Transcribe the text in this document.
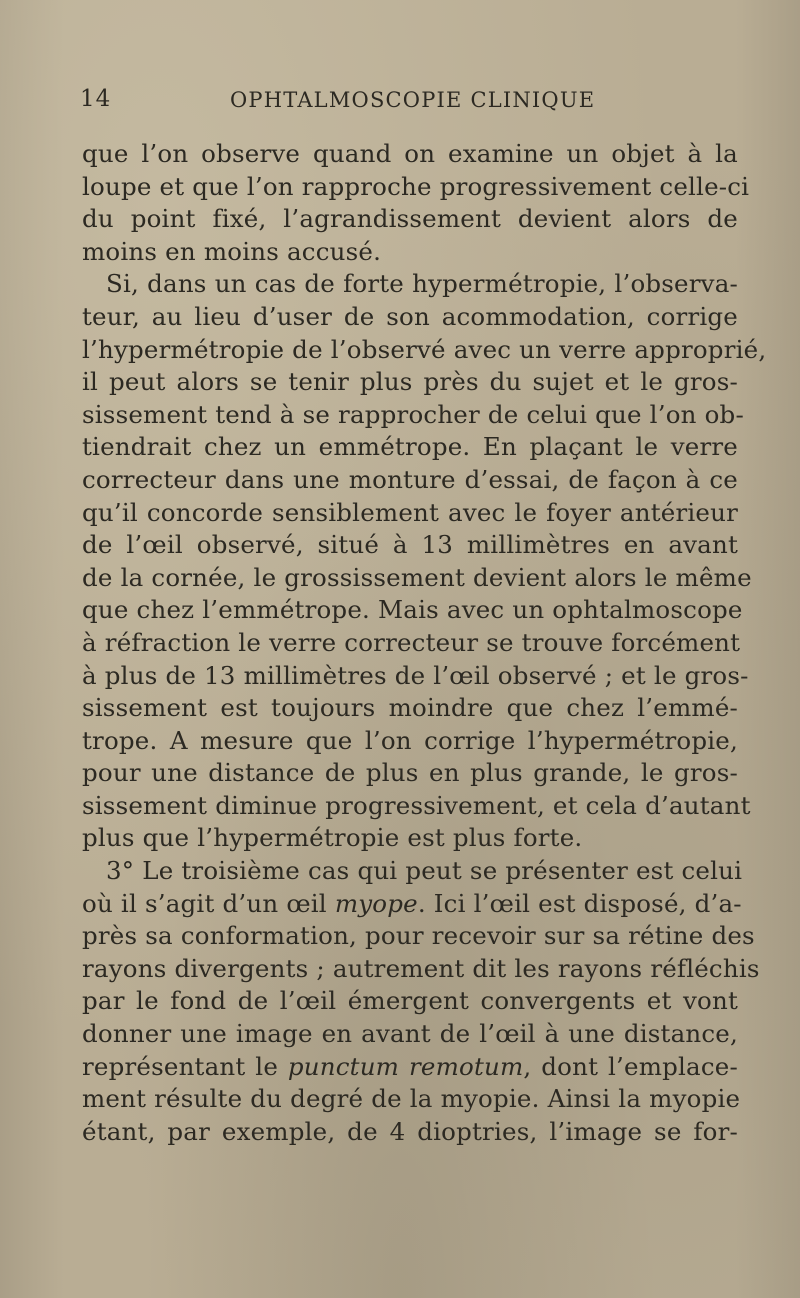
14	OPHTALMOSCOPIE CLINIQUE
que l’on observe quand on examine un objet à la
loupe et que l’on rapproche progressivement celle-ci
du point fixé, l’agrandissement devient alors de
moins en moins accusé.
Si, dans un cas de forte hypermétropie, l’observa-
teur, au lieu d’user de son acommodation, corrige
l’hypermétropie de l’observé avec un verre approprié,
il peut alors se tenir plus près du sujet et le gros-
sissement tend à se rapprocher de celui que l’on ob-
tiendrait chez un emmétrope. En plaçant le verre
correcteur dans une monture d’essai, de façon à ce
qu’il concorde sensiblement avec le foyer antérieur
de l’œil observé, situé à 13 millimètres en avant
de la cornée, le grossissement devient alors le même
que chez l’emmétrope. Mais avec un ophtalmoscope
à réfraction le verre correcteur se trouve forcément
à plus de 13 millimètres de l’œil observé ; et le gros-
sissement est toujours moindre que chez l’emmé-
trope. A mesure que l’on corrige l’hypermétropie,
pour une distance de plus en plus grande, le gros-
sissement diminue progressivement, et cela d’autant
plus que l’hypermétropie est plus forte.
3° Le troisième cas qui peut se présenter est celui
où il s’agit d’un œil myope. Ici l’œil est disposé, d’a-
près sa conformation, pour recevoir sur sa rétine des
rayons divergents ; autrement dit les rayons réfléchis
par le fond de l’œil émergent convergents et vont
donner une image en avant de l’œil à une distance,
représentant le punctum remotum, dont l’emplace-
ment résulte du degré de la myopie. Ainsi la myopie
étant, par exemple, de 4 dioptries, l’image se for-
